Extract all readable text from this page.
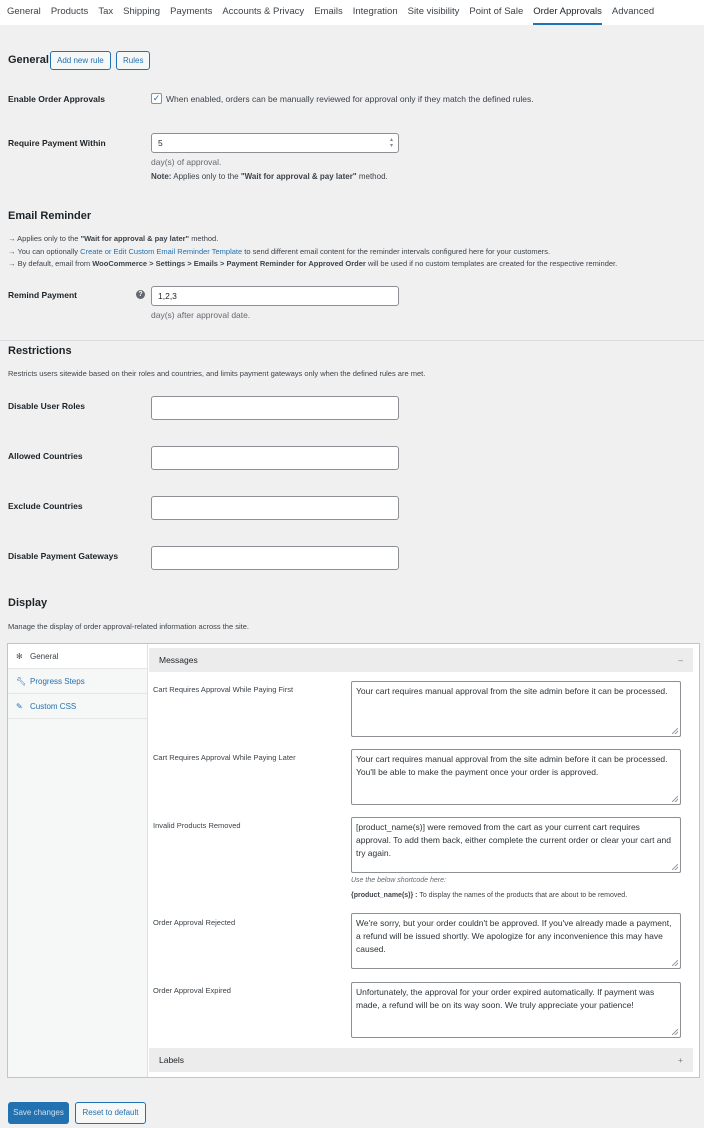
General Products Tax Shipping Payments Accounts & Privacy Emails Integration Site visibility Point of Sale Order Approvals Advanced
General	Add new rule	Rules
Enable Order Approvals	✓ When enabled, orders can be manually reviewed for approval only if they match the defined rules.
Require Payment Within	5	▴
▾
day(s) of approval.
Note: Applies only to the "Wait for approval & pay later" method.
Email Reminder
→ Applies only to the "Wait for approval & pay later" method.
→ You can optionally Create or Edit Custom Email Reminder Template to send different email content for the reminder intervals configured here for your customers.
→ By default, email from WooCommerce > Settings > Emails > Payment Reminder for Approved Order will be used if no custom templates are created for the respective reminder.
Remind Payment	?	1,2,3
day(s) after approval date.
Restrictions
Restricts users sitewide based on their roles and countries, and limits payment gateways only when the defined rules are met.
Disable User Roles
Allowed Countries
Exclude Countries
Disable Payment Gateways
Display
Manage the display of order approval-related information across the site.
✻ General
🔧︎ Progress Steps
✎ Custom CSS
Messages	–
Labels	+
Cart Requires Approval While Paying First	Your cart requires manual approval from the site admin before it can be processed.
Cart Requires Approval While Paying Later	Your cart requires manual approval from the site admin before it can be processed. You'll be able to make the payment once your order is approved.
Invalid Products Removed	[product_name(s)] were removed from the cart as your current cart requires approval. To add them back, either complete the current order or clear your cart and try again.
Use the below shortcode here:
{product_name(s)} : To display the names of the products that are about to be removed.
Order Approval Rejected	We're sorry, but your order couldn't be approved. If you've already made a payment, a refund will be issued shortly. We apologize for any inconvenience this may have caused.
Order Approval Expired	Unfortunately, the approval for your order expired automatically. If payment was made, a refund will be on its way soon. We truly appreciate your patience!
Save changes	Reset to default
